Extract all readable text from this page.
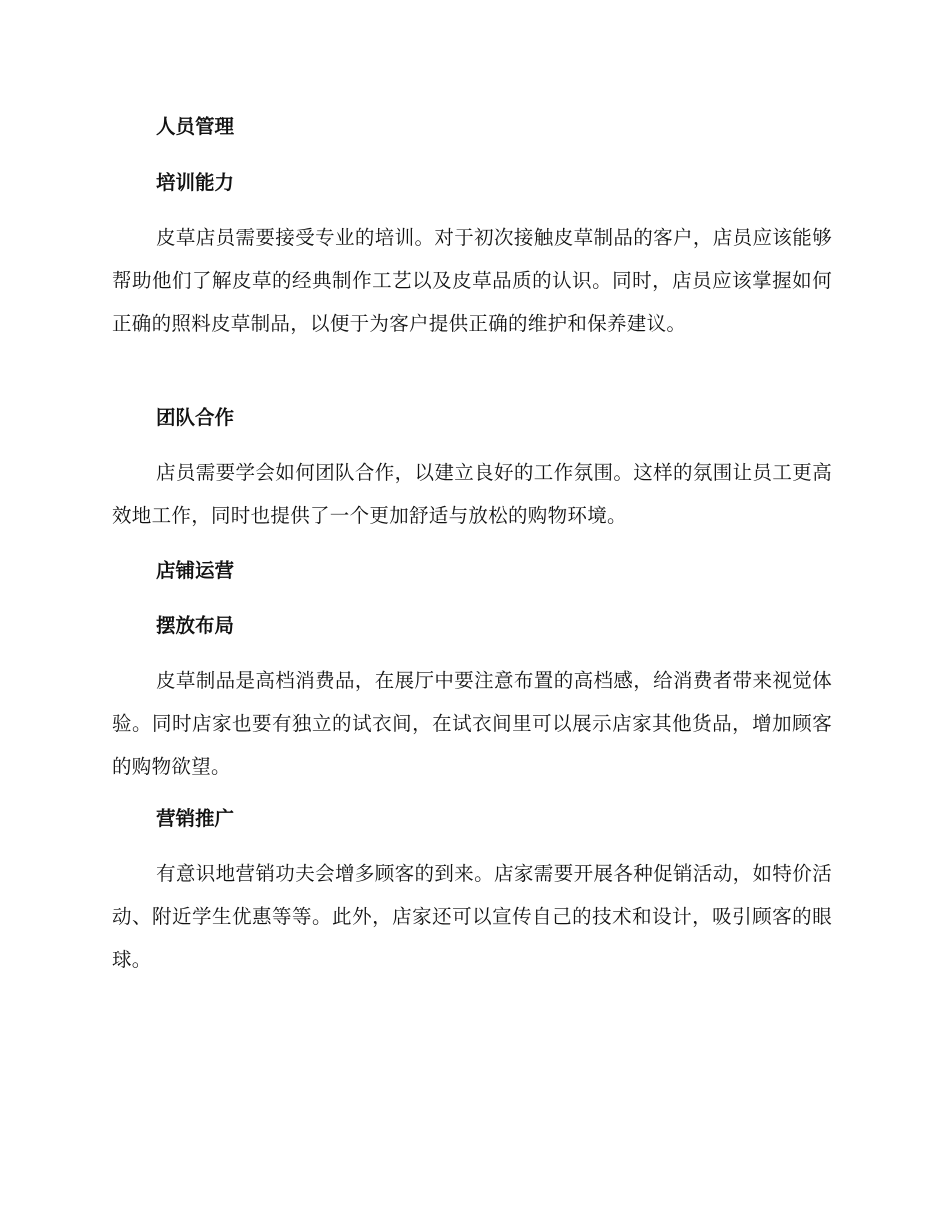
人员管理
培训能力

皮草店员需要接受专业的培训。对于初次接触皮草制品的客户，店员应该能够帮助他们了解皮草的经典制作工艺以及皮草品质的认识。同时，店员应该掌握如何正确的照料皮草制品，以便于为客户提供正确的维护和保养建议。

团队合作

店员需要学会如何团队合作，以建立良好的工作氛围。这样的氛围让员工更高效地工作，同时也提供了一个更加舒适与放松的购物环境。

店铺运营
摆放布局

皮草制品是高档消费品，在展厅中要注意布置的高档感，给消费者带来视觉体验。同时店家也要有独立的试衣间，在试衣间里可以展示店家其他货品，增加顾客的购物欲望。

营销推广

有意识地营销功夫会增多顾客的到来。店家需要开展各种促销活动，如特价活动、附近学生优惠等等。此外，店家还可以宣传自己的技术和设计，吸引顾客的眼球。
